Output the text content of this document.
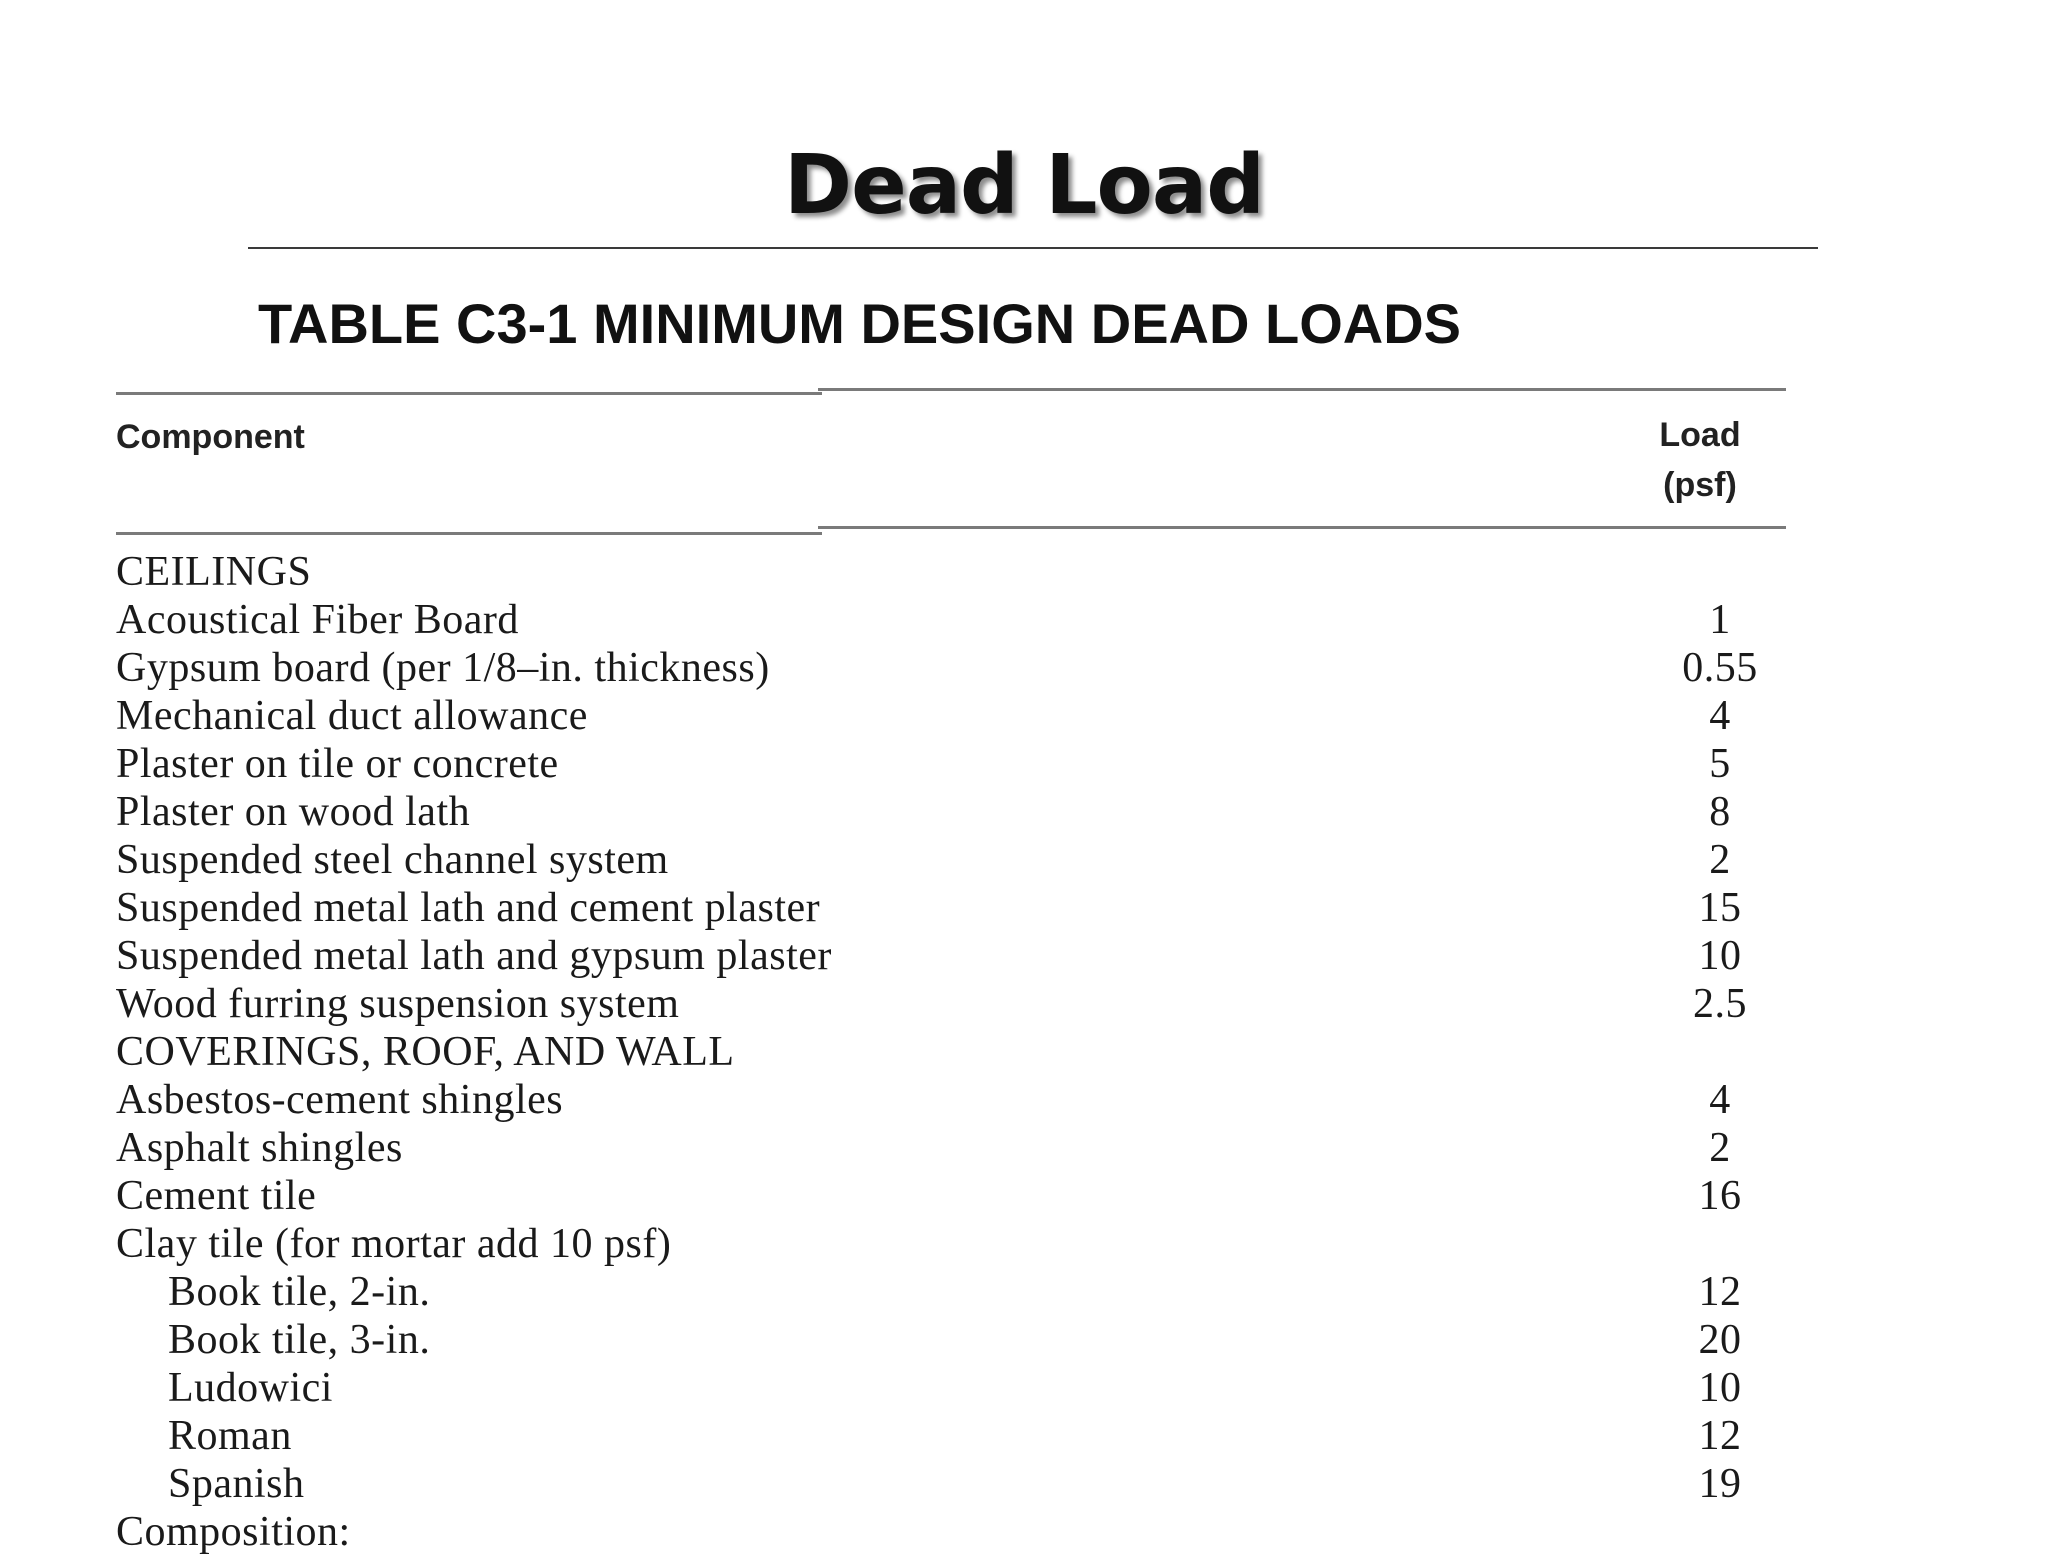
Dead Load
TABLE C3-1 MINIMUM DESIGN DEAD LOADS
Component	Load
(psf)
CEILINGS
Acoustical Fiber Board	1
Gypsum board (per 1/8–in. thickness)	0.55
Mechanical duct allowance	4
Plaster on tile or concrete	5
Plaster on wood lath	8
Suspended steel channel system	2
Suspended metal lath and cement plaster	15
Suspended metal lath and gypsum plaster	10
Wood furring suspension system	2.5
COVERINGS, ROOF, AND WALL
Asbestos-cement shingles	4
Asphalt shingles	2
Cement tile	16
Clay tile (for mortar add 10 psf)
Book tile, 2-in.	12
Book tile, 3-in.	20
Ludowici	10
Roman	12
Spanish	19
Composition:
